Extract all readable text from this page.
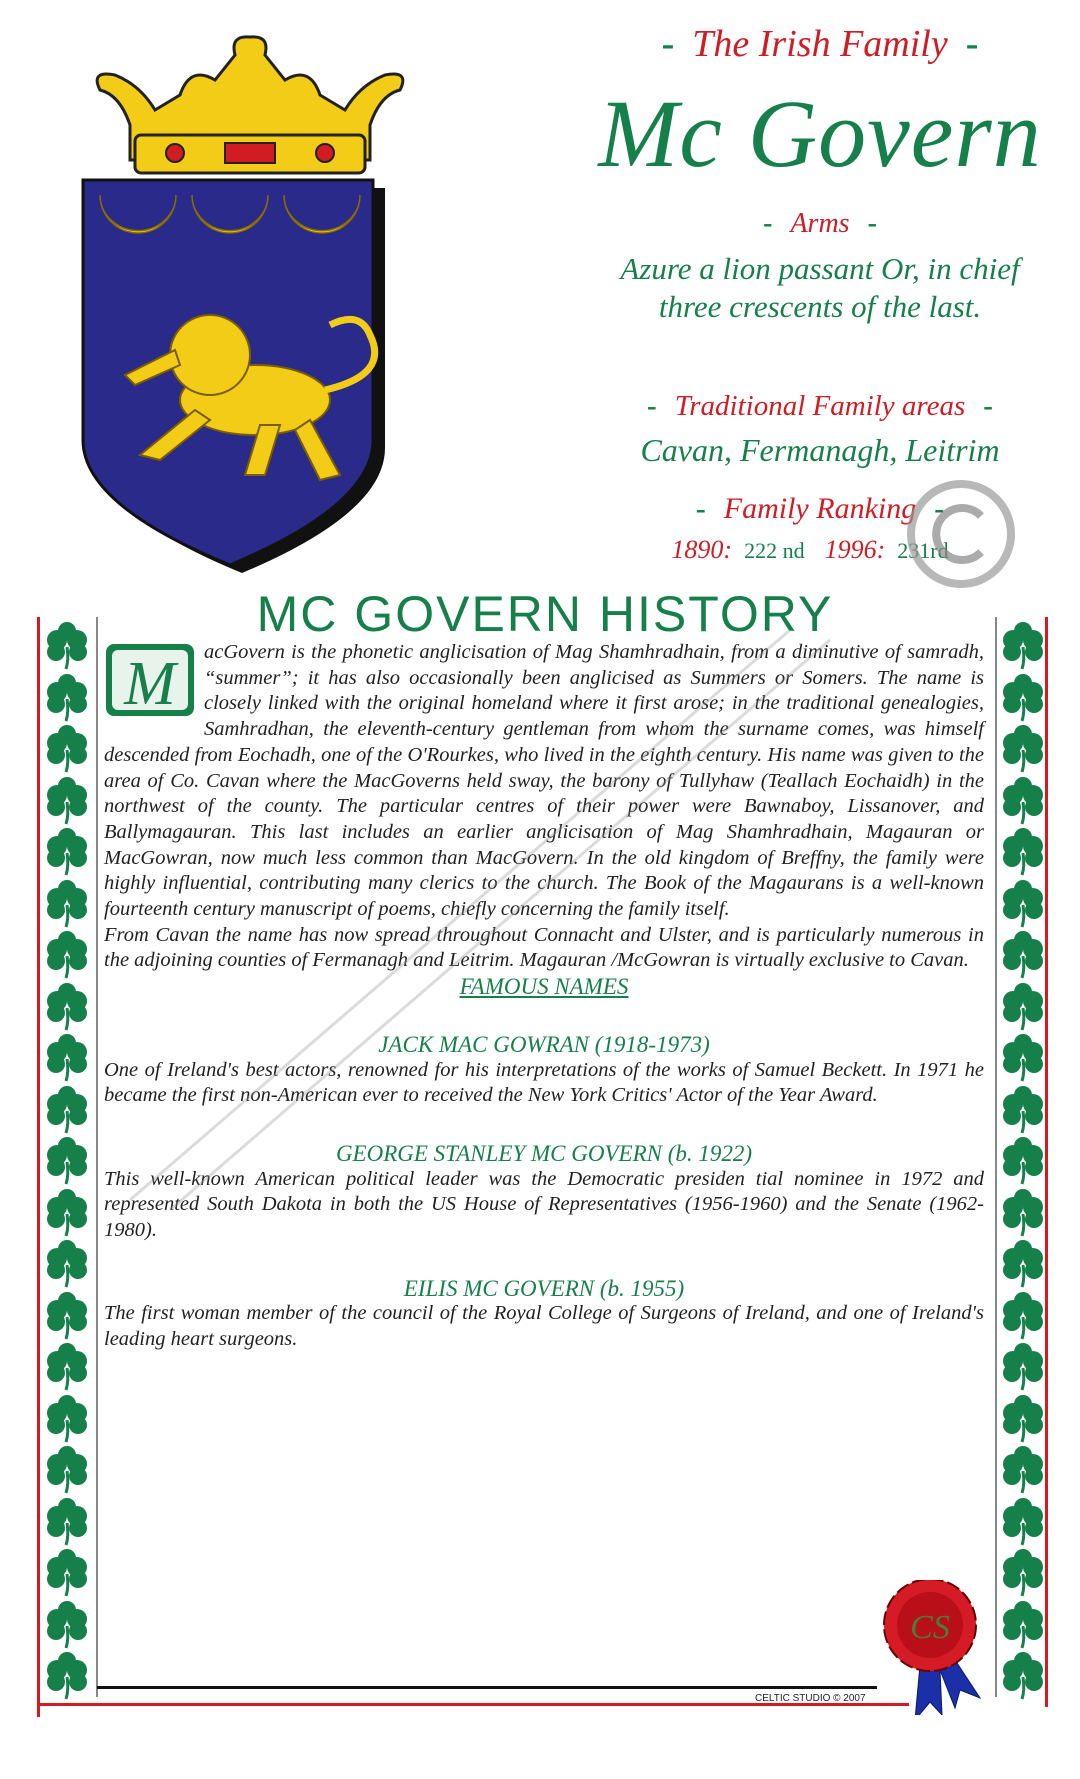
- The Irish Family -
Mc Govern
- Arms -
Azure a lion passant Or, in chief
three crescents of the last.
- Traditional Family areas -
Cavan, Fermanagh, Leitrim
- Family Ranking -
1890: 222 nd 1996: 231rd
MC GOVERN HISTORY
M	acGovern is the phonetic anglicisation of Mag Shamhradhain, from a diminutive of samradh, “summer”; it has also occasionally been anglicised as Summers or Somers. The name is closely linked with the original homeland where it first arose; in the traditional genealogies, Samhradhan, the eleventh-century gentleman from whom the surname comes, was himself descended from Eochadh, one of the O'Rourkes, who lived in the eighth century. His name was given to the area of Co. Cavan where the MacGoverns held sway, the barony of Tullyhaw (Teallach Eochaidh) in the northwest of the county. The particular centres of their power were Bawnaboy, Lissanover, and Ballymagauran. This last includes an earlier anglicisation of Mag Shamhradhain, Magauran or MacGowran, now much less common than MacGovern. In the old kingdom of Breffny, the family were highly influential, contributing many clerics to the church. The Book of the Magaurans is a well-known fourteenth century manuscript of poems, chiefly concerning the family itself.

From Cavan the name has now spread throughout Connacht and Ulster, and is particularly numerous in the adjoining counties of Fermanagh and Leitrim. Magauran /McGowran is virtually exclusive to Cavan.

FAMOUS NAMES

JACK MAC GOWRAN (1918-1973)

One of Ireland's best actors, renowned for his interpretations of the works of Samuel Beckett. In 1971 he became the first non-American ever to received the New York Critics' Actor of the Year Award.

GEORGE STANLEY MC GOVERN (b. 1922)

This well-known American political leader was the Democratic presiden tial nominee in 1972 and represented South Dakota in both the US House of Representatives (1956-1960) and the Senate (1962-1980).

EILIS MC GOVERN (b. 1955)

The first woman member of the council of the Royal College of Surgeons of Ireland, and one of Ireland's leading heart surgeons.

CS
CELTIC STUDIO © 2007
